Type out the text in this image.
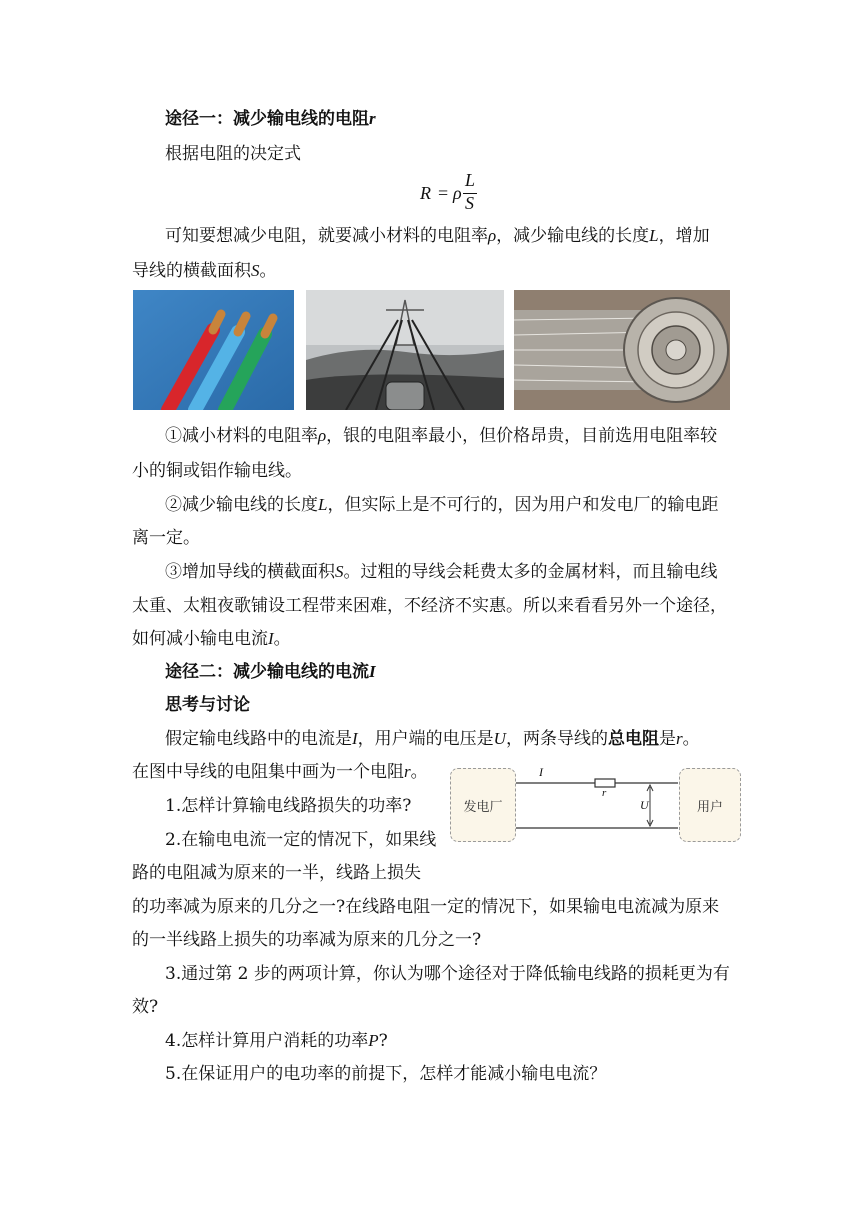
途径一：减少输电线的电阻r
根据电阻的决定式
R = ρ
L
S
可知要想减少电阻，就要减小材料的电阻率ρ，减少输电线的长度L，增加
导线的横截面积S。
①减小材料的电阻率ρ，银的电阻率最小，但价格昂贵，目前选用电阻率较
小的铜或铝作输电线。
②减少输电线的长度L，但实际上是不可行的，因为用户和发电厂的输电距
离一定。
③增加导线的横截面积S。过粗的导线会耗费太多的金属材料，而且输电线
太重、太粗夜歌铺设工程带来困难，不经济不实惠。所以来看看另外一个途径，
如何减小输电电流I。
途径二：减少输电线的电流I
思考与讨论
假定输电线路中的电流是I，用户端的电压是U，两条导线的总电阻是r。
在图中导线的电阻集中画为一个电阻r。
发电厂	用户
I
r
U
1.怎样计算输电线路损失的功率?
2.在输电电流一定的情况下，如果线
路的电阻减为原来的一半，线路上损失
的功率减为原来的几分之一?在线路电阻一定的情况下，如果输电电流减为原来
的一半线路上损失的功率减为原来的几分之一?
3.通过第 2 步的两项计算，你认为哪个途径对于降低输电线路的损耗更为有
效?
4.怎样计算用户消耗的功率P?
5.在保证用户的电功率的前提下，怎样才能减小输电电流？
